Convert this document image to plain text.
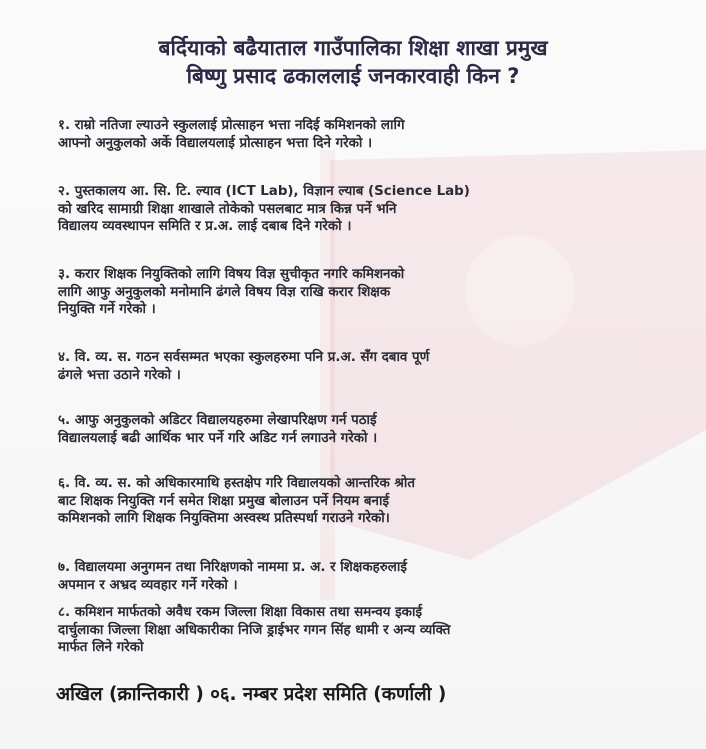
बर्दियाको बढैयाताल गाउँपालिका शिक्षा शाखा प्रमुख
बिष्णु प्रसाद ढकाललाई जनकारवाही किन ?
१. राम्रो नतिजा ल्याउने स्कुललाई प्रोत्साहन भत्ता नदिई कमिशनको लागि
आफ्नो अनुकुलको अर्के विद्यालयलाई प्रोत्साहन भत्ता दिने गरेको ।
२. पुस्तकालय आ. सि. टि. ल्याव (ICT Lab), विज्ञान ल्याब (Science Lab)
को खरिद सामाग्री शिक्षा शाखाले तोकेको पसलबाट मात्र किन्न पर्ने भनि
विद्यालय व्यवस्थापन समिति र प्र.अ. लाई दबाब दिने गरेको ।
३. करार शिक्षक नियुक्तिको लागि विषय विज्ञ सुचीकृत नगरि कमिशनको
लागि आफु अनुकुलको मनोमानि ढंगले विषय विज्ञ राखि करार शिक्षक
नियुक्ति गर्ने गरेको ।
४. वि. व्य. स. गठन सर्वसम्मत भएका स्कुलहरुमा पनि प्र.अ. सँग दबाव पूर्ण
ढंगले भत्ता उठाने गरेको ।
५. आफु अनुकुलको अडिटर विद्यालयहरुमा लेखापरिक्षण गर्न पठाई
विद्यालयलाई बढी आर्थिक भार पर्ने गरि अडिट गर्न लगाउने गरेको ।
६. वि. व्य. स. को अधिकारमाथि हस्तक्षेप गरि विद्यालयको आन्तरिक श्रोत
बाट शिक्षक नियुक्ति गर्न समेत शिक्षा प्रमुख बोलाउन पर्ने नियम बनाई
कमिशनको लागि शिक्षक नियुक्तिमा अस्वस्थ प्रतिस्पर्धा गराउने गरेको।
७. विद्यालयमा अनुगमन तथा निरिक्षणको नाममा प्र. अ. र शिक्षकहरुलाई
अपमान र अभ्रद व्यवहार गर्ने गरेको ।
८. कमिशन मार्फतको अवैध रकम जिल्ला शिक्षा विकास तथा समन्वय इकाई
दार्चुलाका जिल्ला शिक्षा अधिकारीका निजि ड्राईभर गगन सिंह धामी र अन्य व्यक्ति
मार्फत लिने गरेको
अखिल (क्रान्तिकारी ) ०६. नम्बर प्रदेश समिति (कर्णाली )
